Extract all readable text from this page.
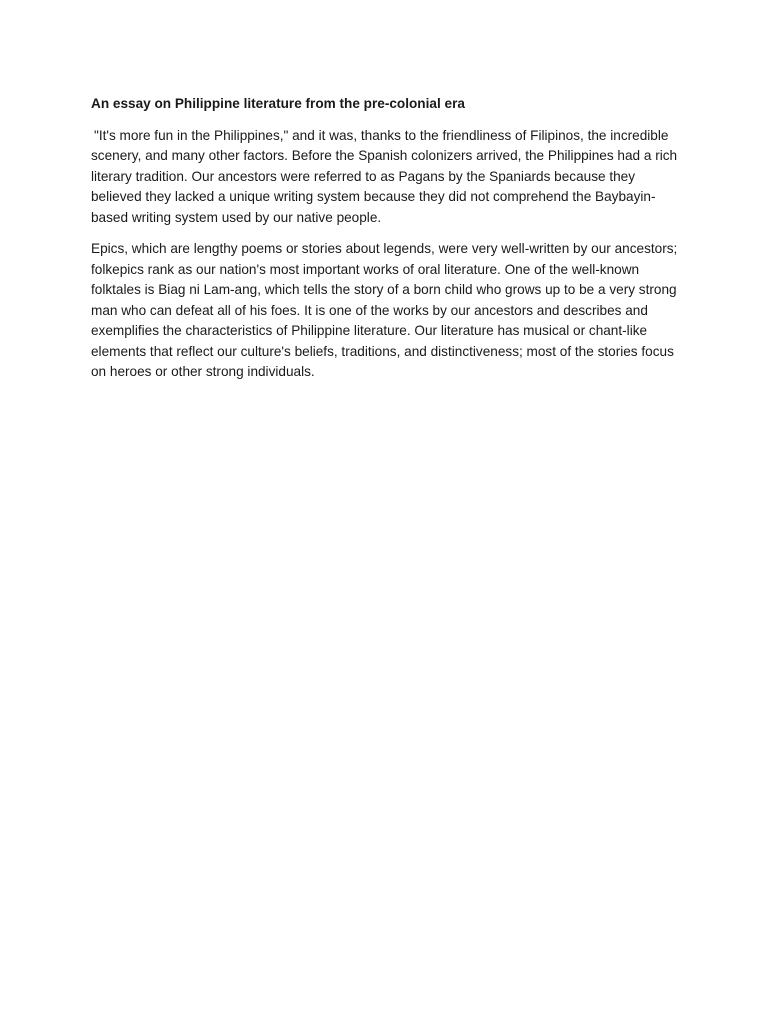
An essay on Philippine literature from the pre-colonial era

"It's more fun in the Philippines," and it was, thanks to the friendliness of Filipinos, the incredible scenery, and many other factors. Before the Spanish colonizers arrived, the Philippines had a rich literary tradition. Our ancestors were referred to as Pagans by the Spaniards because they believed they lacked a unique writing system because they did not comprehend the Baybayin-based writing system used by our native people.

Epics, which are lengthy poems or stories about legends, were very well-written by our ancestors; folkepics rank as our nation's most important works of oral literature. One of the well-known folktales is Biag ni Lam-ang, which tells the story of a born child who grows up to be a very strong man who can defeat all of his foes. It is one of the works by our ancestors and describes and exemplifies the characteristics of Philippine literature. Our literature has musical or chant-like elements that reflect our culture's beliefs, traditions, and distinctiveness; most of the stories focus on heroes or other strong individuals.
